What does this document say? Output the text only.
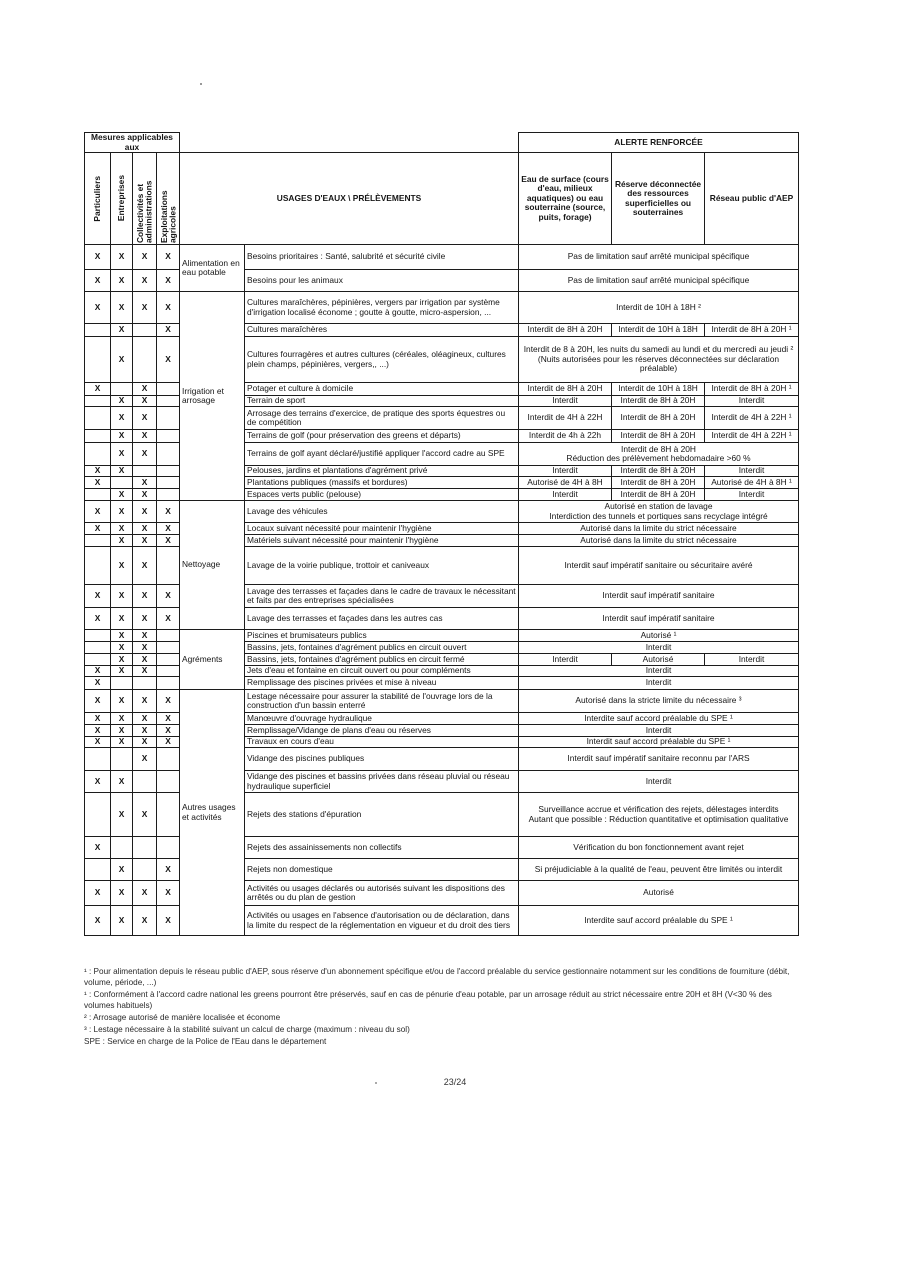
Mesures applicables aux						ALERTE RENFORCÉE		

Particuliers	Entreprises	Collectivités et administrations	Exploitations agricoles	USAGES D'EAUX \ PRÉLÈVEMENTS		Eau de surface (cours d'eau, milieux aquatiques) ou eau souterraine (source, puits, forage)	Réserve déconnectée des ressources superficielles ou souterraines	Réseau public d'AEP
X	X	X	X	Alimentation en eau potable	Besoins prioritaires : Santé, salubrité et sécurité civile	Pas de limitation sauf arrêté municipal spécifique		

X	X	X	X		Besoins pour les animaux	Pas de limitation sauf arrêté municipal spécifique		

X	X	X	X	Irrigation et arrosage	Cultures maraîchères, pépinières, vergers par irrigation par système d'irrigation localisé économe ; goutte à goutte, micro-aspersion, ...	Interdit de 10H à 18H ²		

	X		X		Cultures maraîchères	Interdit de 8H à 20H	Interdit de 10H à 18H	Interdit de 8H à 20H ¹
	X		X		Cultures fourragères et autres cultures (céréales, oléagineux, cultures plein champs, pépinières, vergers,, ...)	Interdit de 8 à 20H, les nuits du samedi au lundi et du mercredi au jeudi ²
(Nuits autorisées pour les réserves déconnectées sur déclaration préalable)		

X		X			Potager et culture à domicile	Interdit de 8H à 20H	Interdit de 10H à 18H	Interdit de 8H à 20H ¹
	X	X			Terrain de sport	Interdit	Interdit de 8H à 20H	Interdit
	X	X			Arrosage des terrains d'exercice, de pratique des sports équestres ou de compétition	Interdit de 4H à 22H	Interdit de 8H à 20H	Interdit de 4H à 22H ¹
	X	X			Terrains de golf (pour préservation des greens et départs)	Interdit de 4h à 22h	Interdit de 8H à 20H	Interdit de 4H à 22H ¹
	X	X			Terrains de golf ayant déclaré/justifié appliquer l'accord cadre au SPE	Interdit de 8H à 20H
Réduction des prélèvement hebdomadaire >60 %		

X	X				Pelouses, jardins et plantations d'agrément privé	Interdit	Interdit de 8H à 20H	Interdit
X		X			Plantations publiques (massifs et bordures)	Autorisé de 4H à 8H	Interdit de 8H à 20H	Autorisé de 4H à 8H ¹
	X	X			Espaces verts public (pelouse)	Interdit	Interdit de 8H à 20H	Interdit
X	X	X	X	Nettoyage	Lavage des véhicules	Autorisé en station de lavage
Interdiction des tunnels et portiques sans recyclage intégré		

X	X	X	X		Locaux suivant nécessité pour maintenir l'hygiène	Autorisé dans la limite du strict nécessaire		

	X	X	X		Matériels suivant nécessité pour maintenir l'hygiène	Autorisé dans la limite du strict nécessaire		

	X	X			Lavage de la voirie publique, trottoir et caniveaux	Interdit sauf impératif sanitaire ou sécuritaire avéré		

X	X	X	X		Lavage des terrasses et façades dans le cadre de travaux le nécessitant et faits par des entreprises spécialisées	Interdit sauf impératif sanitaire		

X	X	X	X		Lavage des terrasses et façades dans les autres cas	Interdit sauf impératif sanitaire		

	X	X		Agréments	Piscines et brumisateurs publics	Autorisé ¹		

	X	X			Bassins, jets, fontaines d'agrément publics en circuit ouvert	Interdit		

	X	X			Bassins, jets, fontaines d'agrément publics en circuit fermé	Interdit	Autorisé	Interdit
X	X	X			Jets d'eau et fontaine en circuit ouvert ou pour compléments	Interdit		

X					Remplissage des piscines privées et mise à niveau	Interdit		

X	X	X	X	Autres usages et activités	Lestage nécessaire pour assurer la stabilité de l'ouvrage lors de la construction d'un bassin enterré	Autorisé dans la stricte limite du nécessaire ³		

X	X	X	X		Manœuvre d'ouvrage hydraulique	Interdite sauf accord préalable du SPE ¹		

X	X	X	X		Remplissage/Vidange de plans d'eau ou réserves	Interdit		

X	X	X	X		Travaux en cours d'eau	Interdit sauf accord préalable du SPE ¹		

		X			Vidange des piscines publiques	Interdit sauf impératif sanitaire reconnu par l'ARS		

X	X				Vidange des piscines et bassins privées dans réseau pluvial ou réseau hydraulique superficiel	Interdit		

	X	X			Rejets des stations d'épuration	Surveillance accrue et vérification des rejets, délestages interdits
Autant que possible : Réduction quantitative et optimisation qualitative		

X					Rejets des assainissements non collectifs	Vérification du bon fonctionnement avant rejet		

	X		X		Rejets non domestique	Si préjudiciable à la qualité de l'eau, peuvent être limités ou interdit		

X	X	X	X		Activités ou usages déclarés ou autorisés suivant les dispositions des arrêtés ou du plan de gestion	Autorisé		

X	X	X	X		Activités ou usages en l'absence d'autorisation ou de déclaration, dans la limite du respect de la réglementation en vigueur et du droit des tiers	Interdite sauf accord préalable du SPE ¹		

¹ : Pour alimentation depuis le réseau public d'AEP, sous réserve d'un abonnement spécifique et/ou de l'accord préalable du service gestionnaire notamment sur les conditions de fourniture (débit, volume, période, ...)

¹ : Conformément à l'accord cadre national les greens pourront être préservés, sauf en cas de pénurie d'eau potable, par un arrosage réduit au strict nécessaire entre 20H et 8H (V<30 % des volumes habituels)

² : Arrosage autorisé de manière localisée et économe

³ : Lestage nécessaire à la stabilité suivant un calcul de charge (maximum : niveau du sol)

SPE : Service en charge de la Police de l'Eau dans le département

23/24
